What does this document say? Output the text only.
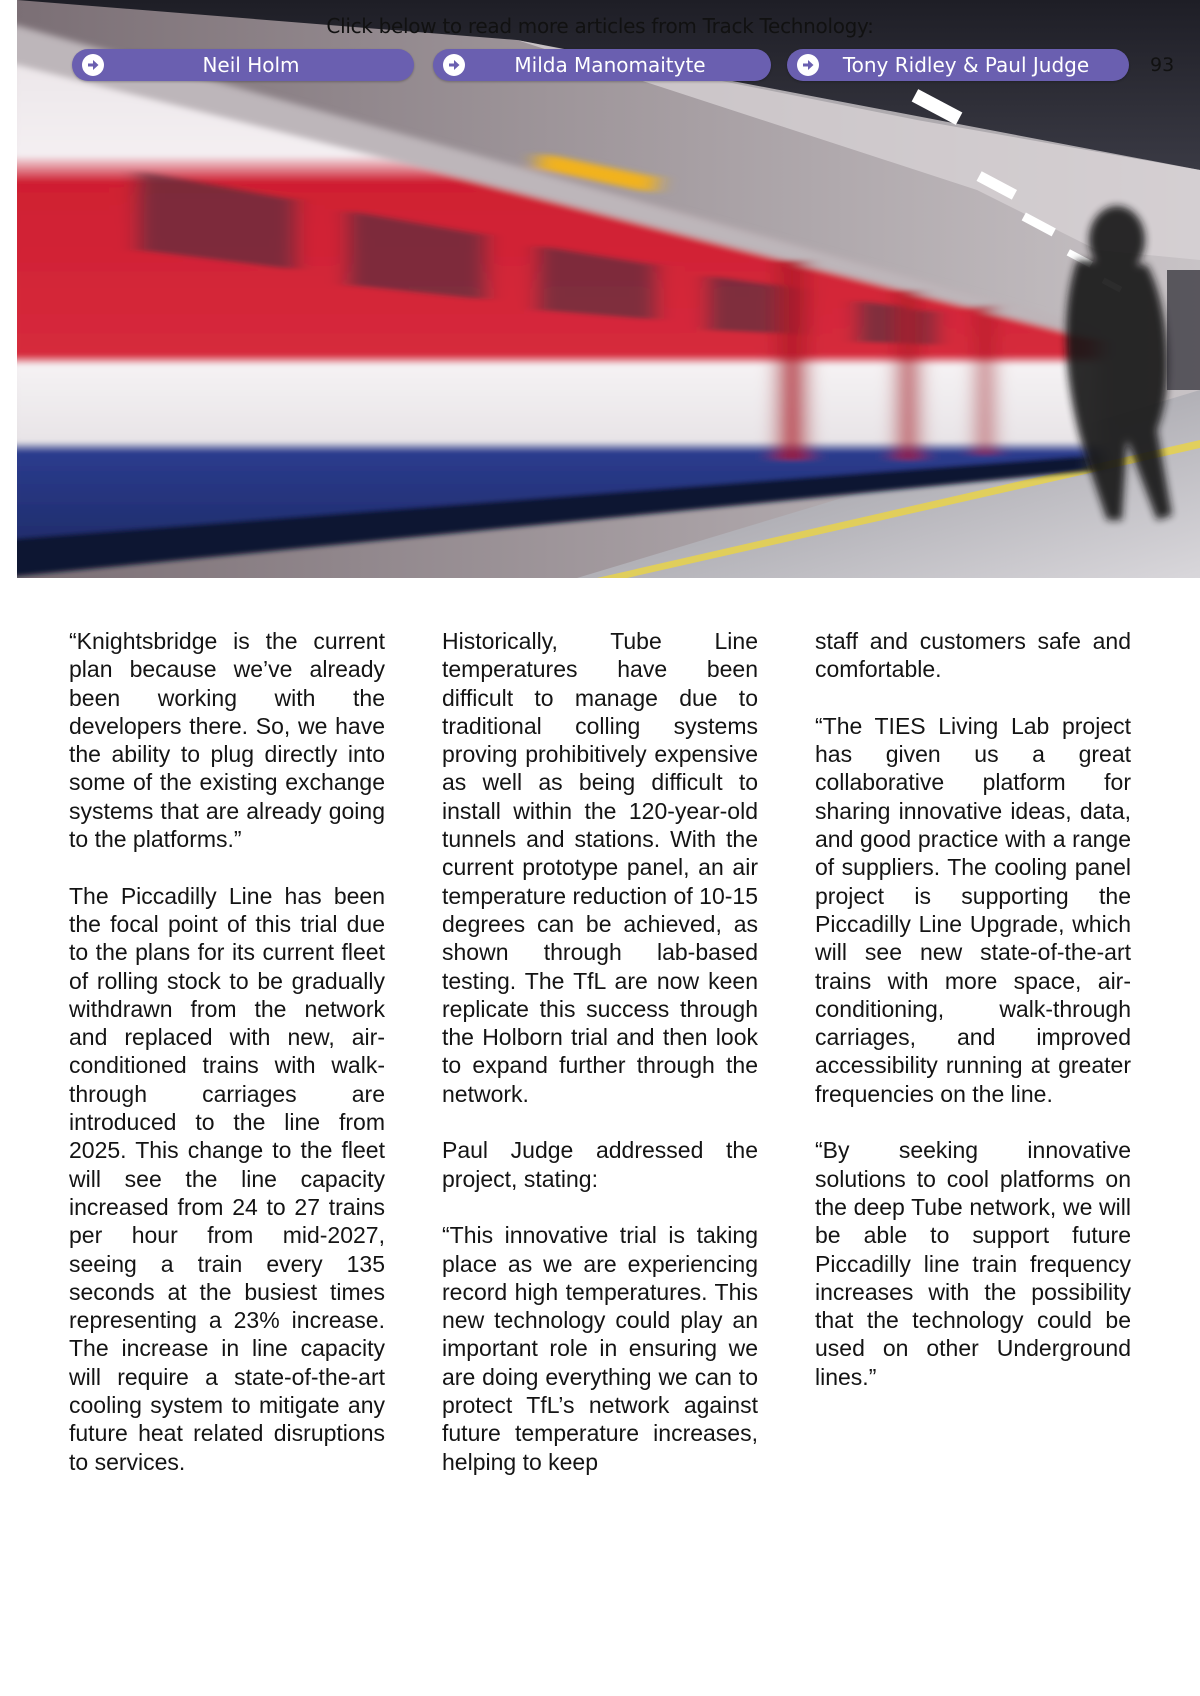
Click below to read more articles from Track Technology:
Neil Holm	Milda Manomaityte	Tony Ridley & Paul Judge	93

“Knightsbridge is the current plan because we’ve already been working with the developers there. So, we have the ability to plug directly into some of the existing exchange systems that are already going to the platforms.”

The Piccadilly Line has been the focal point of this trial due to the plans for its current fleet of rolling stock to be gradually withdrawn from the network and replaced with new, air-conditioned trains with walk-through carriages are introduced to the line from 2025. This change to the fleet will see the line capacity increased from 24 to 27 trains per hour from mid-2027, seeing a train every 135 seconds at the busiest times representing a 23% increase. The increase in line capacity will require a state-of-the-art cooling system to mitigate any future heat related disruptions to services.

Historically, Tube Line temperatures have been difficult to manage due to traditional colling systems proving prohibitively expensive as well as being difficult to install within the 120-year-old tunnels and stations. With the current prototype panel, an air temperature reduction of 10-15 degrees can be achieved, as shown through lab-based testing. The TfL are now keen replicate this success through the Holborn trial and then look to expand further through the network.

Paul Judge addressed the project, stating:

“This innovative trial is taking place as we are experiencing record high temperatures. This new technology could play an important role in ensuring we are doing everything we can to protect TfL’s network against future temperature increases, helping to keep

staff and customers safe and comfortable.

“The TIES Living Lab project has given us a great collaborative platform for sharing innovative ideas, data, and good practice with a range of suppliers. The cooling panel project is supporting the Piccadilly Line Upgrade, which will see new state-of-the-art trains with more space, air-conditioning, walk-through carriages, and improved accessibility running at greater frequencies on the line.

“By seeking innovative solutions to cool platforms on the deep Tube network, we will be able to support future Piccadilly line train frequency increases with the possibility that the technology could be used on other Underground lines.”
